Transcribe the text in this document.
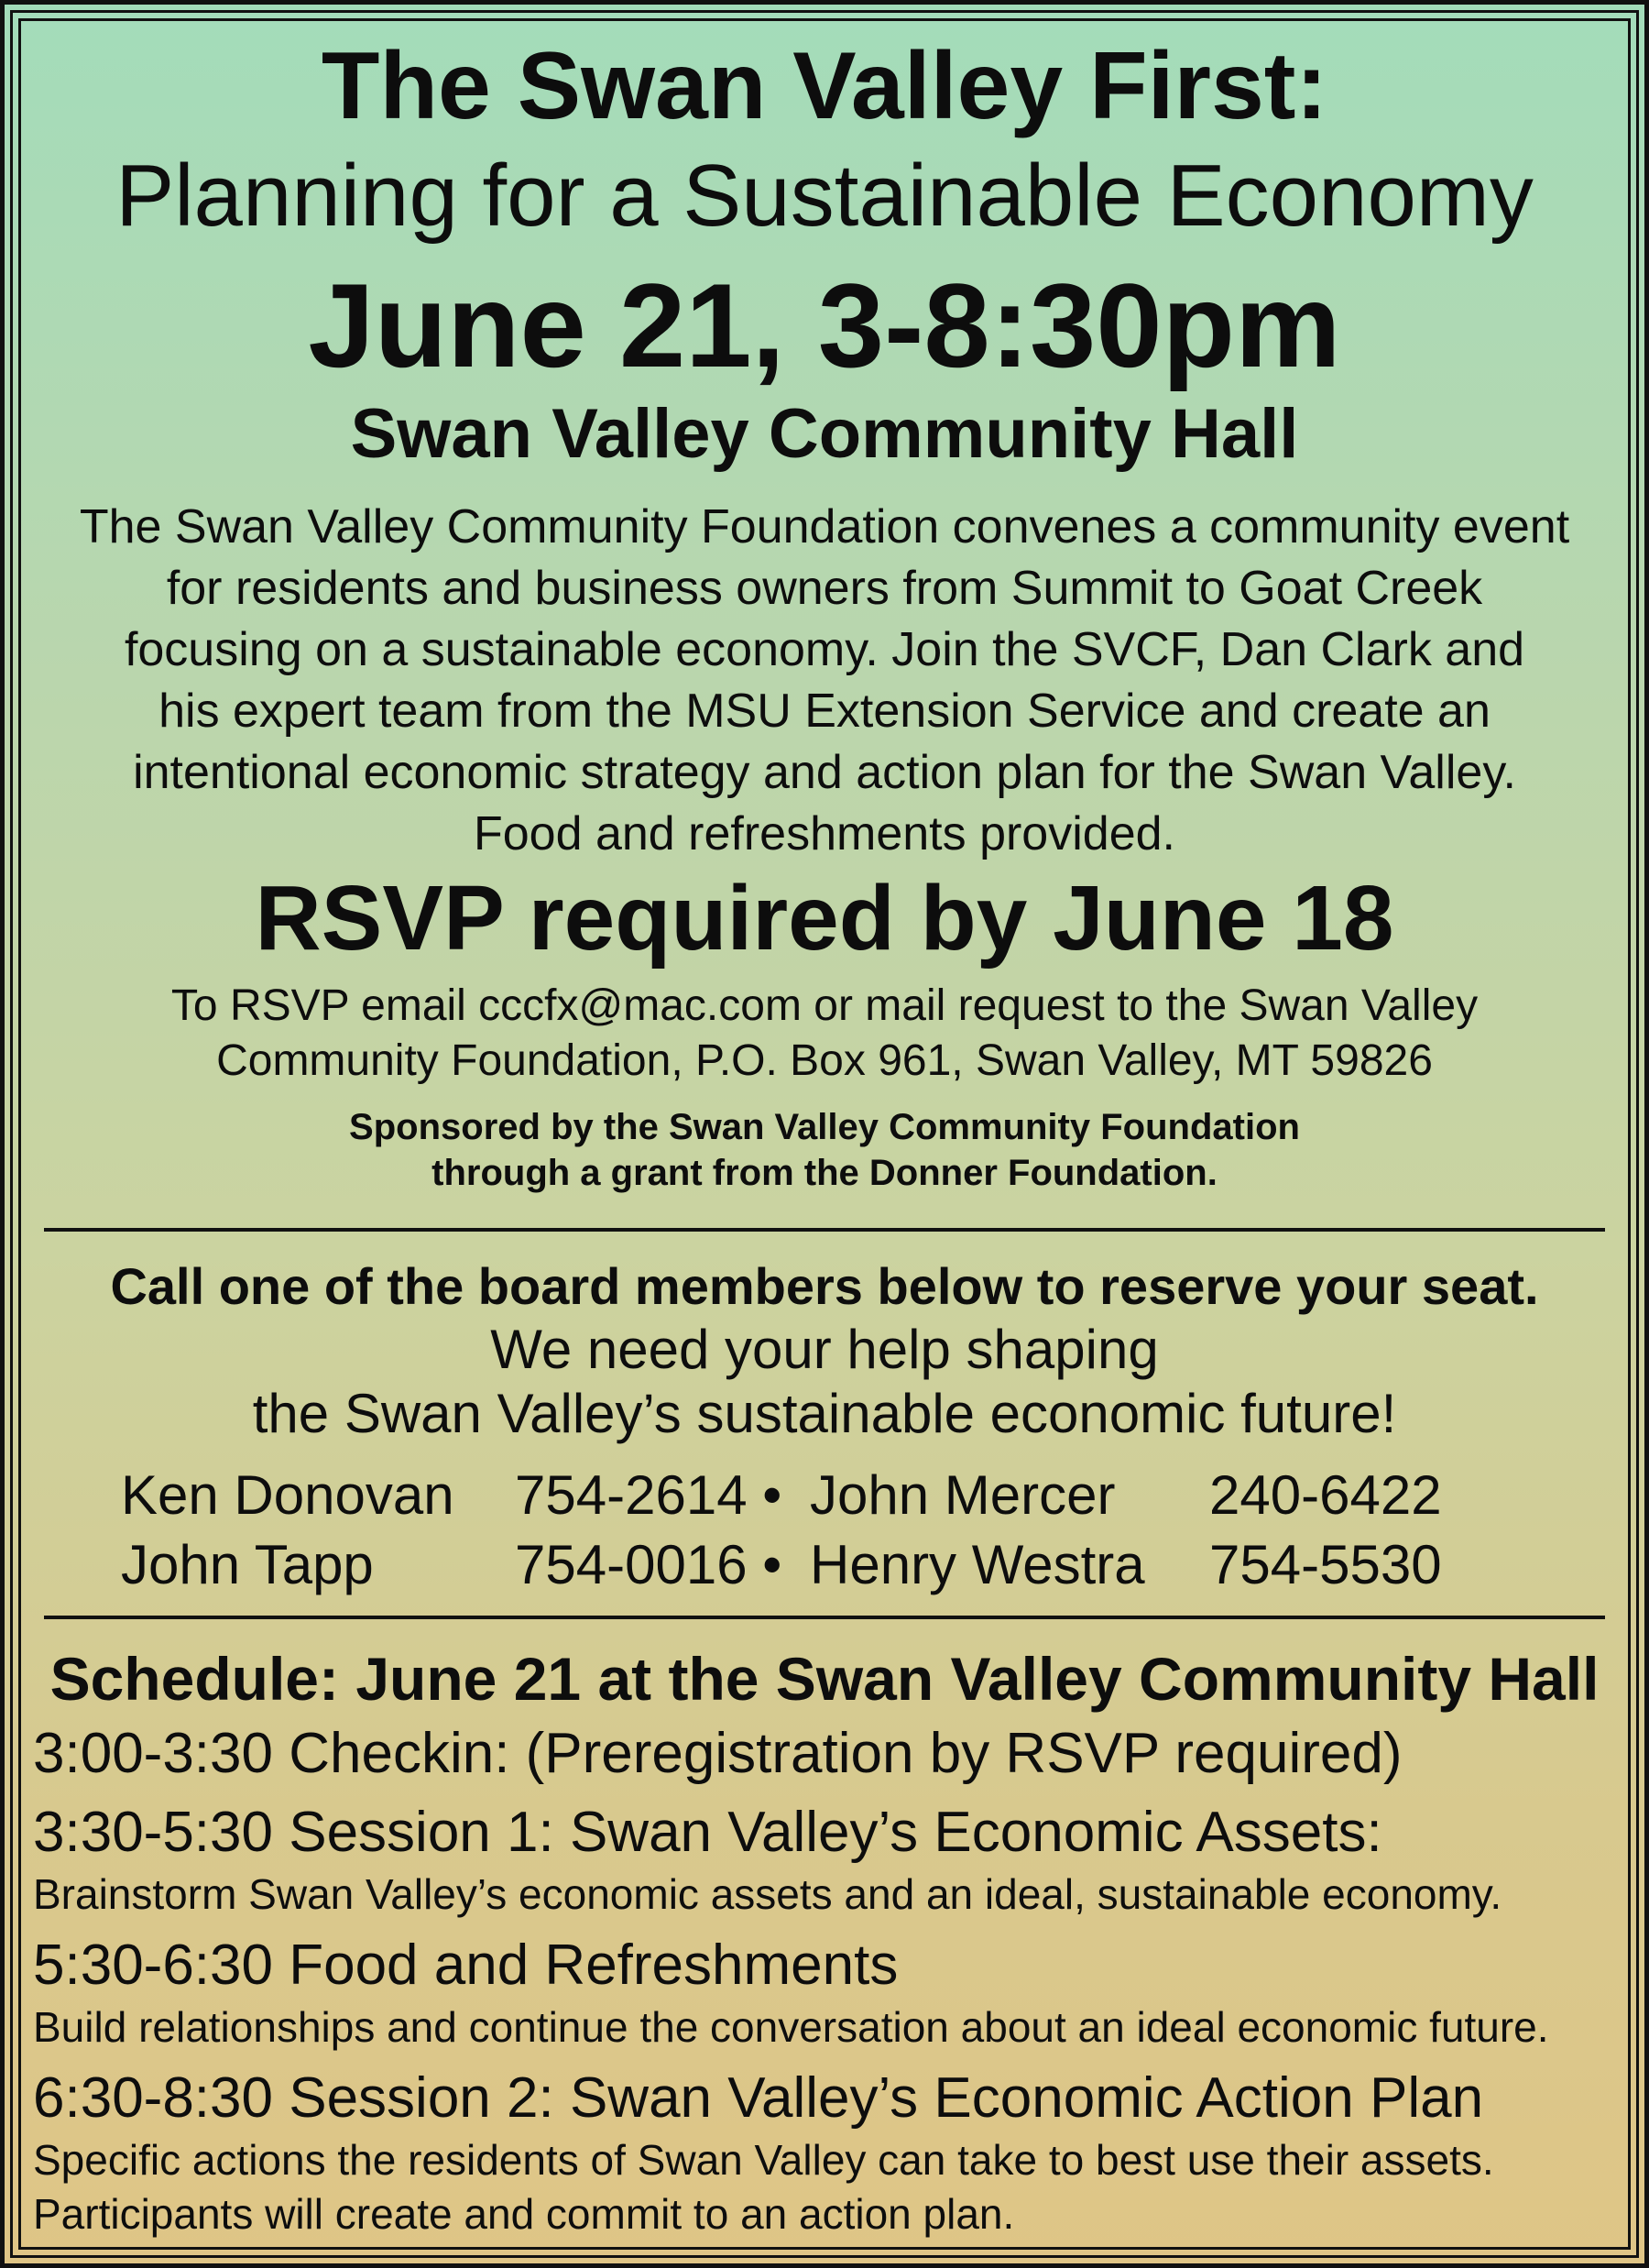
The Swan Valley First:

Planning for a Sustainable Economy

June 21, 3-8:30pm

Swan Valley Community Hall

The Swan Valley Community Foundation convenes a community event
for residents and business owners from Summit to Goat Creek
focusing on a sustainable economy. Join the SVCF, Dan Clark and
his expert team from the MSU Extension Service and create an
intentional economic strategy and action plan for the Swan Valley.
Food and refreshments provided.

RSVP required by June 18

To RSVP email cccfx@mac.com or mail request to the Swan Valley
Community Foundation, P.O. Box 961, Swan Valley, MT 59826
Sponsored by the Swan Valley Community Foundation
through a grant from the Donner Foundation.

Call one of the board members below to reserve your seat.

We need your help shaping
the Swan Valley’s sustainable economic future!
Ken Donovan 754-2614 • John Mercer 240-6422
John Tapp	754-0016 • Henry Westra 754-5530

Schedule: June 21 at the Swan Valley Community Hall

3:00-3:30 Checkin: (Preregistration by RSVP required)
3:30-5:30 Session 1: Swan Valley’s Economic Assets:
Brainstorm Swan Valley’s economic assets and an ideal, sustainable economy.
5:30-6:30 Food and Refreshments
Build relationships and continue the conversation about an ideal economic future.
6:30-8:30 Session 2: Swan Valley’s Economic Action Plan
Specific actions the residents of Swan Valley can take to best use their assets.
Participants will create and commit to an action plan.
